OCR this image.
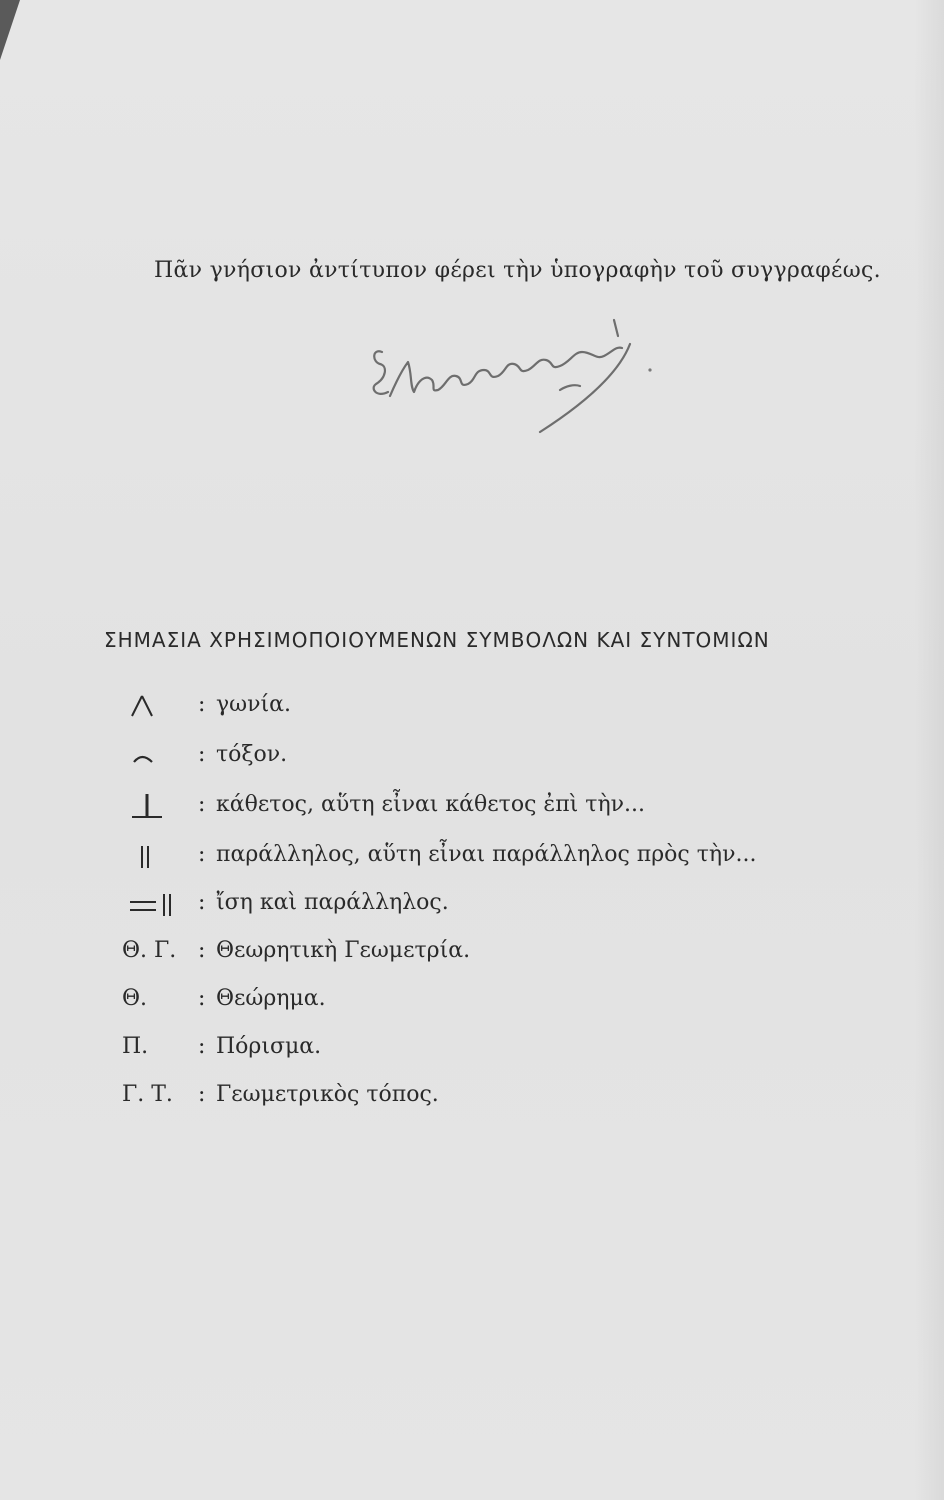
Πᾶν γνήσιον ἀντίτυπον φέρει τὴν ὑπογραφὴν τοῦ συγγραφέως.
ΣΗΜΑΣΙΑ ΧΡΗΣΙΜΟΠΟΙΟΥΜΕΝΩΝ ΣΥΜΒΟΛΩΝ ΚΑΙ ΣΥΝΤΟΜΙΩΝ
: γωνία.
: τόξον.
: κάθετος, αὕτη εἶναι κάθετος ἐπὶ τὴν...
: παράλληλος, αὕτη εἶναι παράλληλος πρὸς τὴν...
: ἴση καὶ παράλληλος.
Θ. Γ. : Θεωρητικὴ Γεωμετρία.
Θ. : Θεώρημα.
Π. : Πόρισμα.
Γ. Τ. : Γεωμετρικὸς τόπος.
